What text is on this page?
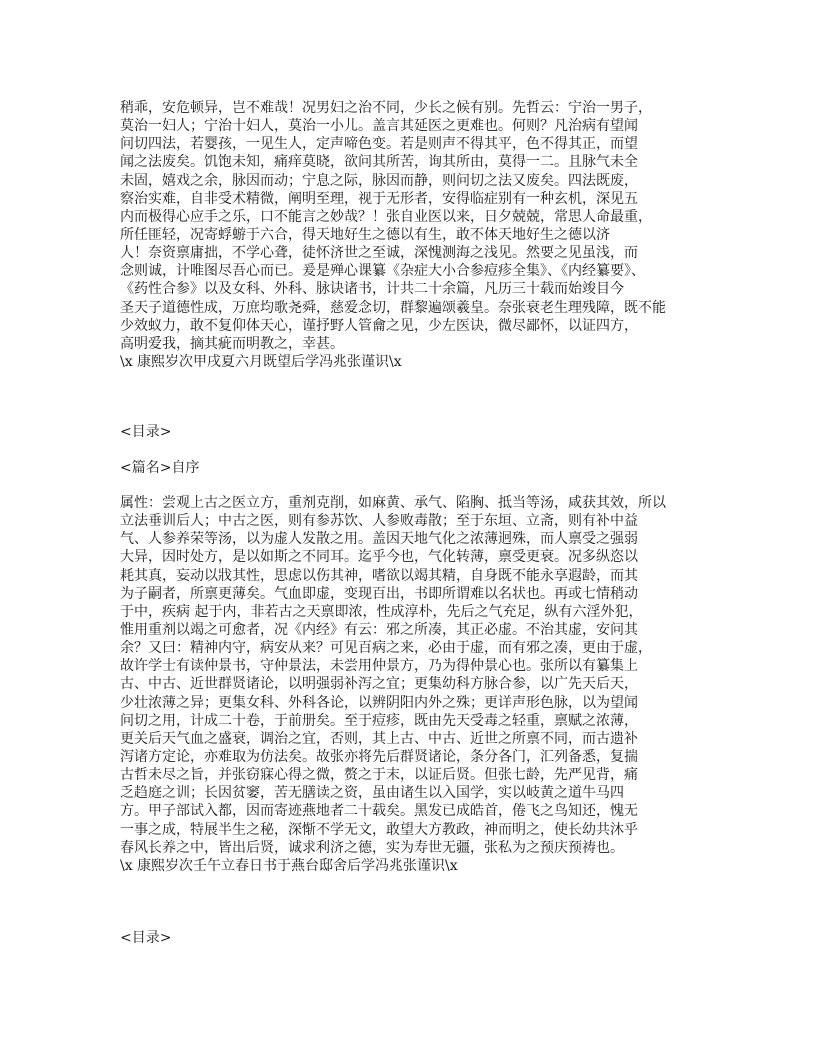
稍乖，安危顿异，岂不难哉！况男妇之治不同，少长之候有别。先哲云：宁治一男子，
莫治一妇人；宁治十妇人，莫治一小儿。盖言其延医之更难也。何则？凡治病有望闻
问切四法，若婴孩，一见生人，定声啼色变。若是则声不得其平，色不得其正，而望
闻之法废矣。饥饱未知，痛痒莫晓，欲问其所苦，询其所由，莫得一二。且脉气未全
未固，嬉戏之余，脉因而动；宁息之际，脉因而静，则问切之法又废矣。四法既废，
察治实难，自非受术精微，阐明至理，视于无形者，安得临症别有一种玄机，深见五
内而极得心应手之乐，口不能言之妙哉？！张自业医以来，日夕兢兢，常思人命最重，
所任匪轻，况寄蜉蝣于六合，得天地好生之德以有生，敢不体天地好生之德以济
人！奈资禀庸拙，不学心聋，徒怀济世之至诚，深愧测海之浅见。然要之见虽浅，而
念则诚，计唯图尽吾心而已。爰是殚心课纂《杂症大小合参痘疹全集》、《内经纂要》、
《药性合参》以及女科、外科、脉诀诸书，计共二十余篇，凡历三十载而始竣目今
圣天子道德性成，万庶均歌尧舜，慈爱念切，群黎遍颂羲皇。奈张衰老生理残障，既不能
少效蚁力，敢不复仰体天心，谨抒野人管龠之见，少左医诀，微尽鄙怀，以证四方，
高明爱我，摘其疵而明教之，幸甚。
\x 康熙岁次甲戌夏六月既望后学冯兆张谨识\x
<目录>
<篇名>自序
属性：尝观上古之医立方，重剂克削，如麻黄、承气、陷胸、抵当等汤，咸获其效，所以
立法垂训后人；中古之医，则有参苏饮、人参败毒散；至于东垣、立斋，则有补中益
气、人参养荣等汤，以为虚人发散之用。盖因天地气化之浓薄迥殊，而人禀受之强弱
大异，因时处方，是以如斯之不同耳。迄乎今也，气化转薄，禀受更衰。况多纵恣以
耗其真，妄动以戕其性，思虑以伤其神，嗜欲以竭其精，自身既不能永享遐龄，而其
为子嗣者，所禀更薄矣。气血即虚，变现百出，书即所谓难以名状也。再或七情稍动
于中，疾病 起于内，非若古之天禀即浓，性成淳朴，先后之气充足，纵有六淫外犯，
惟用重剂以竭之可愈者，况《内经》有云：邪之所凑，其正必虚。不治其虚，安问其
余？又曰：精神内守，病安从来？可见百病之来，必由于虚，而有邪之凑，更由于虚，
故许学士有读仲景书，守仲景法，未尝用仲景方，乃为得仲景心也。张所以有纂集上
古、中古、近世群贤诸论，以明强弱补泻之宜；更集幼科方脉合参，以广先天后天，
少壮浓薄之异；更集女科、外科各论，以辨阴阳内外之殊；更详声形色脉，以为望闻
问切之用，计成二十卷，于前册矣。至于痘疹，既由先天受毒之轻重，禀赋之浓薄，
更关后天气血之盛衰，调治之宜，否则，其上古、中古、近世之所禀不同，而古遗补
泻诸方定论，亦难取为仿法矣。故张亦将先后群贤诸论，条分各门，汇列备悉，复揣
古哲未尽之旨，并张窃寐心得之微，赘之于末，以证后贤。但张七龄，先严见背，痛
乏趋庭之训；长因贫窭，苦无膳读之资，虽由诸生以入国学，实以岐黄之道牛马四
方。甲子部试入都，因而寄迹燕地者二十载矣。黑发已成皓首，倦飞之鸟知还，愧无
一事之成，特展半生之秘，深惭不学无文，敢望大方教政，神而明之，使长幼共沐乎
春风长养之中，皆出后贤，诚求利济之德，实为寿世无疆，张私为之预庆预祷也。
\x 康熙岁次壬午立春日书于燕台邸舍后学冯兆张谨识\x
<目录>
